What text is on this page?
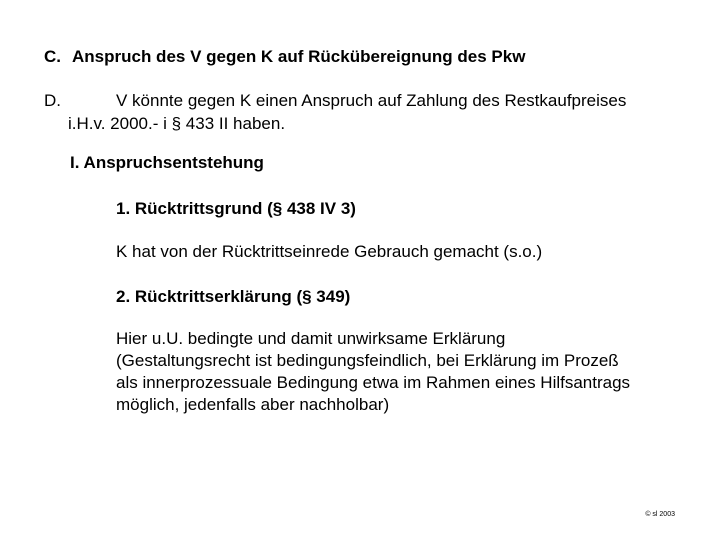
C. Anspruch des V gegen K auf Rückübereignung des Pkw
D.	V könnte gegen K einen Anspruch auf Zahlung des Restkaufpreises
i.H.v. 2000.- i § 433 II haben.
I. Anspruchsentstehung
1. Rücktrittsgrund (§ 438 IV 3)
K hat von der Rücktrittseinrede Gebrauch gemacht (s.o.)
2. Rücktrittserklärung (§ 349)
Hier u.U. bedingte und damit unwirksame Erklärung
(Gestaltungsrecht ist bedingungsfeindlich, bei Erklärung im Prozeß
als innerprozessuale Bedingung etwa im Rahmen eines Hilfsantrags
möglich, jedenfalls aber nachholbar)
© sl 2003
